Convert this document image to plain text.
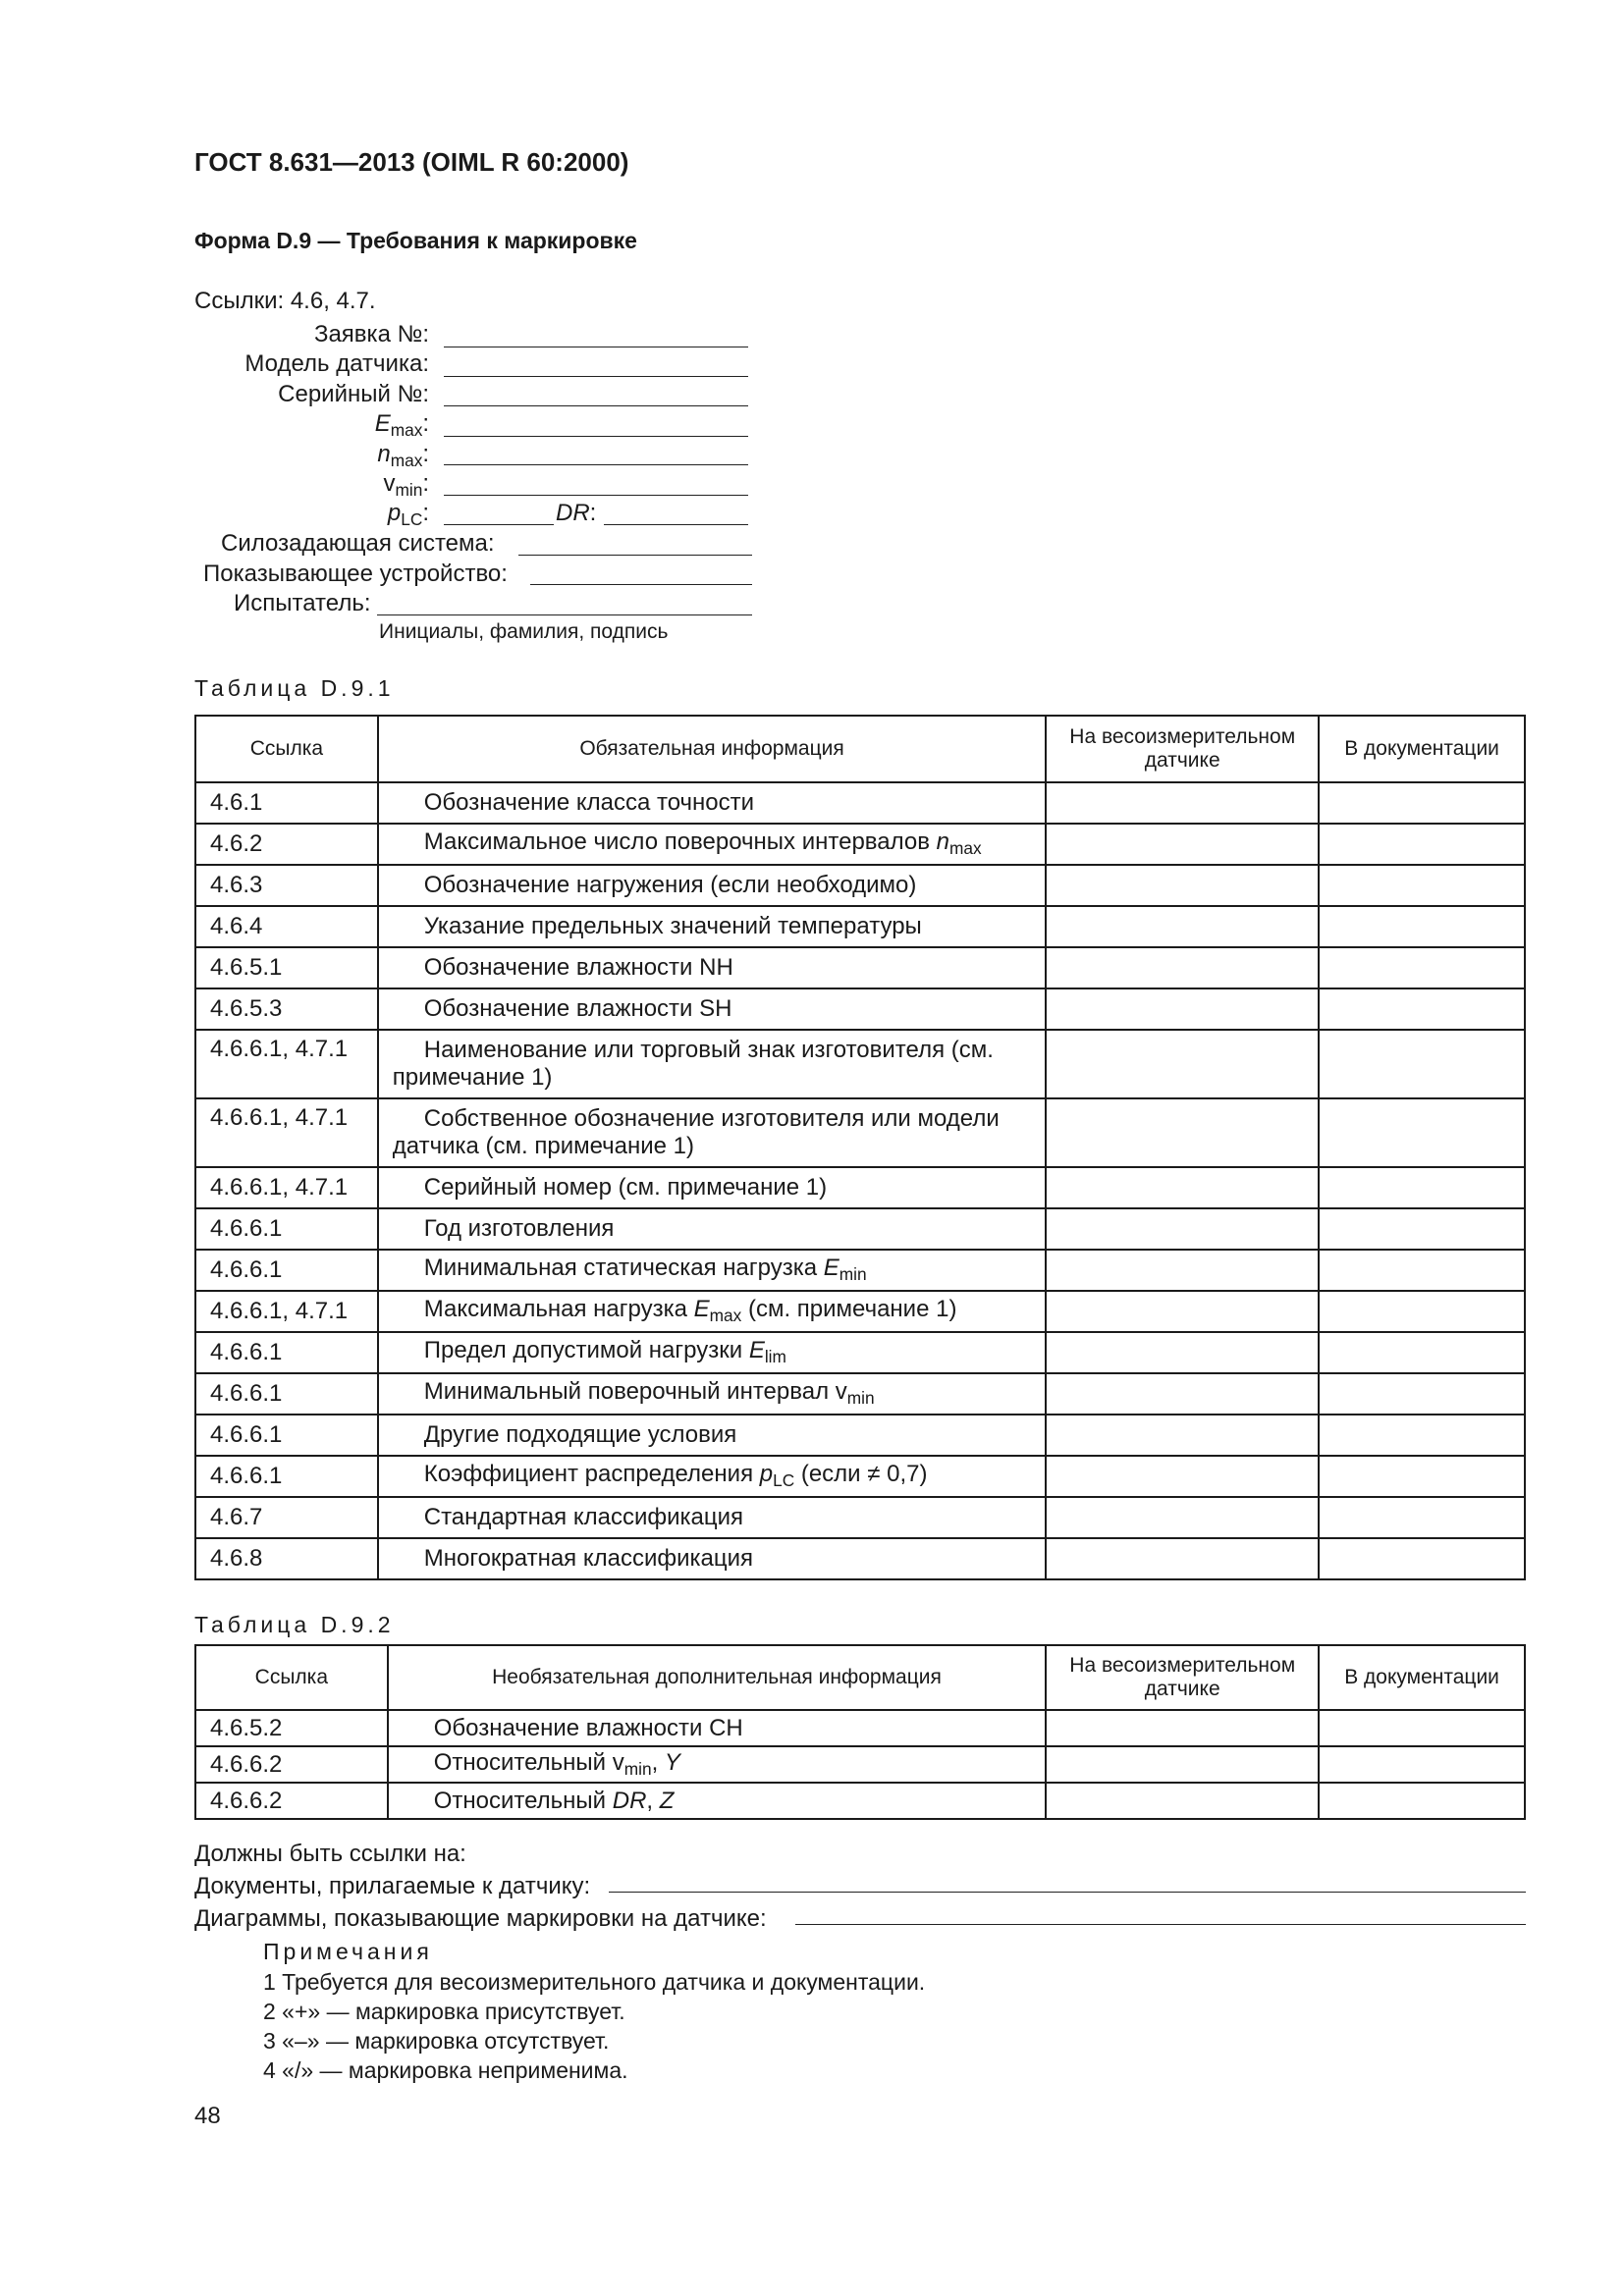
ГОСТ 8.631—2013 (OIML R 60:2000)
Форма D.9 — Требования к маркировке
Ссылки: 4.6, 4.7.
Заявка №:
Модель датчика:
Серийный №:
$E_{max}$:
$n_{max}$:
$v_{min}$:
$p_{LC}$:	DR:
Силозадающая система:
Показывающее устройство:
Испытатель:
Инициалы, фамилия, подпись
Таблица D.9.1
Ссылка	Обязательная информация	На весоизмерительном датчике	В документации
4.6.1	Обозначение класса точности		
4.6.2	Максимальное число поверочных интервалов $n_{max}$		
4.6.3	Обозначение нагружения (если необходимо)		
4.6.4	Указание предельных значений температуры		
4.6.5.1	Обозначение влажности NH		
4.6.5.3	Обозначение влажности SH		
4.6.6.1, 4.7.1	Наименование или торговый знак изготовителя (см. примечание 1)		
4.6.6.1, 4.7.1	Собственное обозначение изготовителя или модели датчика (см. примечание 1)		
4.6.6.1, 4.7.1	Серийный номер (см. примечание 1)		
4.6.6.1	Год изготовления		
4.6.6.1	Минимальная статическая нагрузка $E_{min}$		
4.6.6.1, 4.7.1	Максимальная нагрузка $E_{max}$ (см. примечание 1)		
4.6.6.1	Предел допустимой нагрузки $E_{lim}$		
4.6.6.1	Минимальный поверочный интервал $v_{min}$		
4.6.6.1	Другие подходящие условия		
4.6.6.1	Коэффициент распределения $p_{LC}$ (если ≠ 0,7)		
4.6.7	Стандартная классификация		
4.6.8	Многократная классификация		
Таблица D.9.2
Ссылка	Необязательная дополнительная информация	На весоизмерительном датчике	В документации
4.6.5.2	Обозначение влажности CH		
4.6.6.2	Относительный $v_{min}$, Y		
4.6.6.2	Относительный DR, Z		
Должны быть ссылки на:
Документы, прилагаемые к датчику:
Диаграммы, показывающие маркировки на датчике:
Примечания
1 Требуется для весоизмерительного датчика и документации.
2 «+» — маркировка присутствует.
3 «–» — маркировка отсутствует.
4 «/» — маркировка неприменима.
48
